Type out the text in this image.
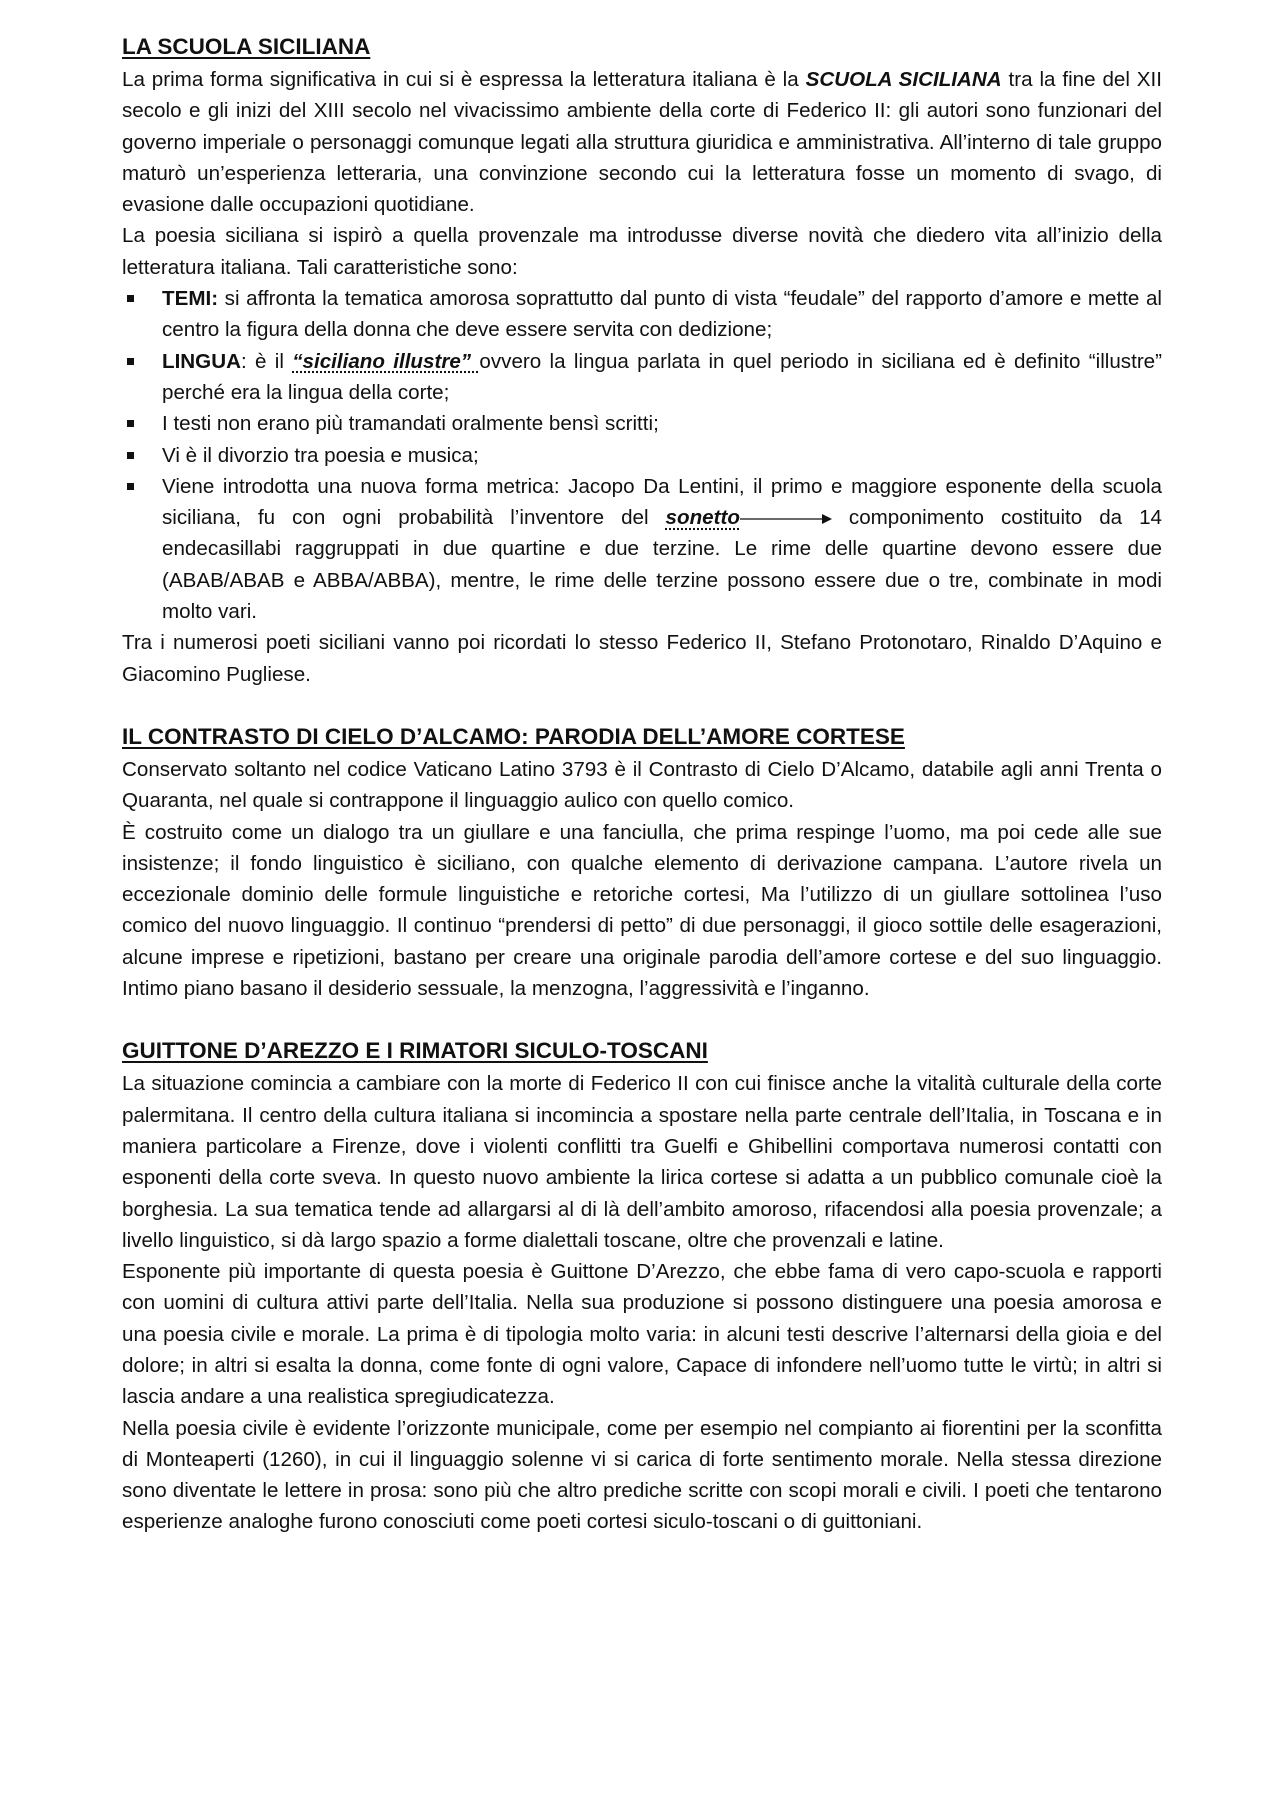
LA SCUOLA SICILIANA

La prima forma significativa in cui si è espressa la letteratura italiana è la SCUOLA SICILIANA tra la fine del XII secolo e gli inizi del XIII secolo nel vivacissimo ambiente della corte di Federico II: gli autori sono funzionari del governo imperiale o personaggi comunque legati alla struttura giuridica e amministrativa. All’interno di tale gruppo maturò un’esperienza letteraria, una convinzione secondo cui la letteratura fosse un momento di svago, di evasione dalle occupazioni quotidiane.

La poesia siciliana si ispirò a quella provenzale ma introdusse diverse novità che diedero vita all’inizio della letteratura italiana. Tali caratteristiche sono:

TEMI: si affronta la tematica amorosa soprattutto dal punto di vista “feudale” del rapporto d’amore e mette al centro la figura della donna che deve essere servita con dedizione;
LINGUA: è il “siciliano illustre” ovvero la lingua parlata in quel periodo in siciliana ed è definito “illustre” perché era la lingua della corte;
I testi non erano più tramandati oralmente bensì scritti;
Vi è il divorzio tra poesia e musica;
Viene introdotta una nuova forma metrica: Jacopo Da Lentini, il primo e maggiore esponente della scuola siciliana, fu con ogni probabilità l’inventore del sonetto	componimento costituito da 14 endecasillabi raggruppati in due quartine e due terzine. Le rime delle quartine devono essere due (ABAB/ABAB e ABBA/ABBA), mentre, le rime delle terzine possono essere due o tre, combinate in modi molto vari.

Tra i numerosi poeti siciliani vanno poi ricordati lo stesso Federico II, Stefano Protonotaro, Rinaldo D’Aquino e Giacomino Pugliese.

IL CONTRASTO DI CIELO D’ALCAMO: PARODIA DELL’AMORE CORTESE

Conservato soltanto nel codice Vaticano Latino 3793 è il Contrasto di Cielo D’Alcamo, databile agli anni Trenta o Quaranta, nel quale si contrappone il linguaggio aulico con quello comico.

È costruito come un dialogo tra un giullare e una fanciulla, che prima respinge l’uomo, ma poi cede alle sue insistenze; il fondo linguistico è siciliano, con qualche elemento di derivazione campana. L’autore rivela un eccezionale dominio delle formule linguistiche e retoriche cortesi, Ma l’utilizzo di un giullare sottolinea l’uso comico del nuovo linguaggio. Il continuo “prendersi di petto” di due personaggi, il gioco sottile delle esagerazioni, alcune imprese e ripetizioni, bastano per creare una originale parodia dell’amore cortese e del suo linguaggio. Intimo piano basano il desiderio sessuale, la menzogna, l’aggressività e l’inganno.

GUITTONE D’AREZZO E I RIMATORI SICULO-TOSCANI

La situazione comincia a cambiare con la morte di Federico II con cui finisce anche la vitalità culturale della corte palermitana. Il centro della cultura italiana si incomincia a spostare nella parte centrale dell’Italia, in Toscana e in maniera particolare a Firenze, dove i violenti conflitti tra Guelfi e Ghibellini comportava numerosi contatti con esponenti della corte sveva. In questo nuovo ambiente la lirica cortese si adatta a un pubblico comunale cioè la borghesia. La sua tematica tende ad allargarsi al di là dell’ambito amoroso, rifacendosi alla poesia provenzale; a livello linguistico, si dà largo spazio a forme dialettali toscane, oltre che provenzali e latine.

Esponente più importante di questa poesia è Guittone D’Arezzo, che ebbe fama di vero capo-scuola e rapporti con uomini di cultura attivi parte dell’Italia. Nella sua produzione si possono distinguere una poesia amorosa e una poesia civile e morale. La prima è di tipologia molto varia: in alcuni testi descrive l’alternarsi della gioia e del dolore; in altri si esalta la donna, come fonte di ogni valore, Capace di infondere nell’uomo tutte le virtù; in altri si lascia andare a una realistica spregiudicatezza.

Nella poesia civile è evidente l’orizzonte municipale, come per esempio nel compianto ai fiorentini per la sconfitta di Monteaperti (1260), in cui il linguaggio solenne vi si carica di forte sentimento morale. Nella stessa direzione sono diventate le lettere in prosa: sono più che altro prediche scritte con scopi morali e civili. I poeti che tentarono esperienze analoghe furono conosciuti come poeti cortesi siculo-toscani o di guittoniani.
